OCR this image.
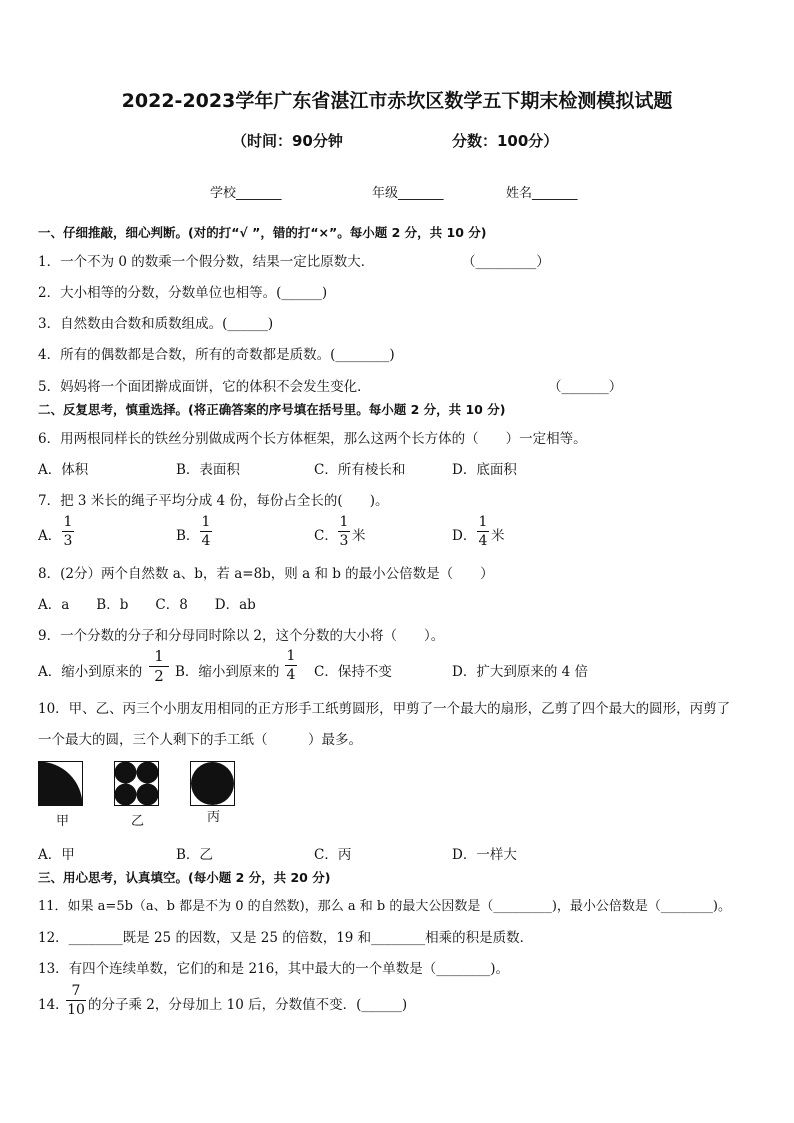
2022-2023学年广东省湛江市赤坎区数学五下期末检测模拟试题
（时间：90分钟	分数：100分）
学校_______	年级_______	姓名_______
一、仔细推敲，细心判断。(对的打“√ ”，错的打“×”。每小题 2 分，共 10 分)
1．一个不为 0 的数乘一个假分数，结果一定比原数大．	（_________）
2．大小相等的分数，分数单位也相等。(______)
3．自然数由合数和质数组成。(______)
4．所有的偶数都是合数，所有的奇数都是质数。(________)
5．妈妈将一个面团擀成面饼，它的体积不会发生变化．	（_______）
二、反复思考，慎重选择。(将正确答案的序号填在括号里。每小题 2 分，共 10 分)
6．用两根同样长的铁丝分别做成两个长方体框架，那么这两个长方体的（　　）一定相等。
A．体积	B．表面积	C．所有棱长和	D．底面积
7．把 3 米长的绳子平均分成 4 份，每份占全长的(　　)。
A．
1
3	B．
1
4	C．
1
3 米	D．
1
4 米
8．(2分）两个自然数 a、b，若 a=8b，则 a 和 b 的最小公倍数是（　　）
A．a　　B．b　　C．8　　D．ab
9．一个分数的分子和分母同时除以 2，这个分数的大小将（　　）。
A．缩小到原来的
1
2 B．缩小到原来的
1
4 C．保持不变	D．扩大到原来的 4 倍
10．甲、乙、丙三个小朋友用相同的正方形手工纸剪圆形，甲剪了一个最大的扇形，乙剪了四个最大的圆形，丙剪了
一个最大的圆，三个人剩下的手工纸（　　　）最多。
甲	乙	丙
A．甲	B．乙	C．丙	D．一样大
三、用心思考，认真填空。(每小题 2 分，共 20 分)
11．如果 a=5b（a、b 都是不为 0 的自然数)，那么 a 和 b 的最大公因数是（_________)，最小公倍数是（________)。
12．________既是 25 的因数，又是 25 的倍数，19 和________相乘的积是质数．
13．有四个连续单数，它们的和是 216，其中最大的一个单数是（________)。
14．
7
10 的分子乘 2，分母加上 10 后，分数值不变．(______)
